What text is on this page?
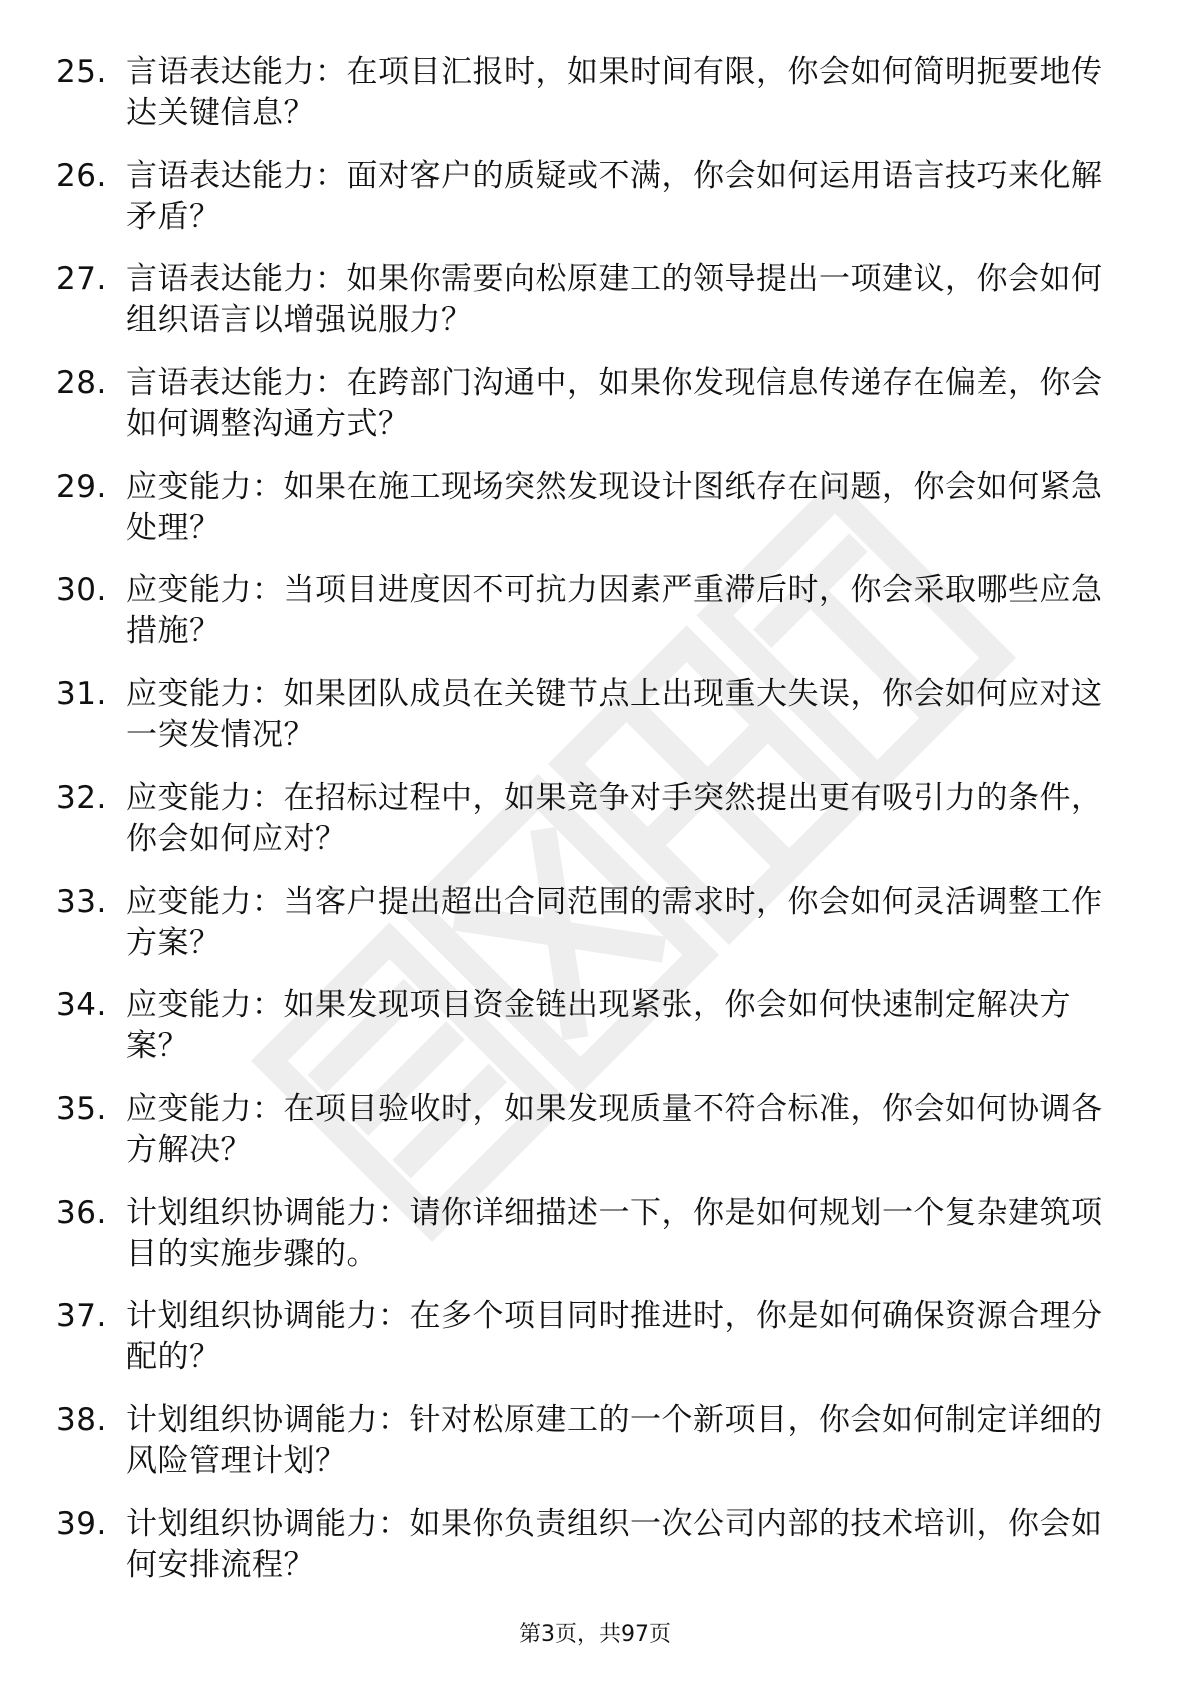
25. 言语表达能力：在项目汇报时，如果时间有限，你会如何简明扼要地传达关键信息？
26. 言语表达能力：面对客户的质疑或不满，你会如何运用语言技巧来化解矛盾？
27. 言语表达能力：如果你需要向松原建工的领导提出一项建议，你会如何组织语言以增强说服力？
28. 言语表达能力：在跨部门沟通中，如果你发现信息传递存在偏差，你会如何调整沟通方式？
29. 应变能力：如果在施工现场突然发现设计图纸存在问题，你会如何紧急处理？
30. 应变能力：当项目进度因不可抗力因素严重滞后时，你会采取哪些应急措施？
31. 应变能力：如果团队成员在关键节点上出现重大失误，你会如何应对这一突发情况？
32. 应变能力：在招标过程中，如果竞争对手突然提出更有吸引力的条件，你会如何应对？
33. 应变能力：当客户提出超出合同范围的需求时，你会如何灵活调整工作方案？
34. 应变能力：如果发现项目资金链出现紧张，你会如何快速制定解决方案？
35. 应变能力：在项目验收时，如果发现质量不符合标准，你会如何协调各方解决？
36. 计划组织协调能力：请你详细描述一下，你是如何规划一个复杂建筑项目的实施步骤的。
37. 计划组织协调能力：在多个项目同时推进时，你是如何确保资源合理分配的？
38. 计划组织协调能力：针对松原建工的一个新项目，你会如何制定详细的风险管理计划？
39. 计划组织协调能力：如果你负责组织一次公司内部的技术培训，你会如何安排流程？
第3页，共97页
